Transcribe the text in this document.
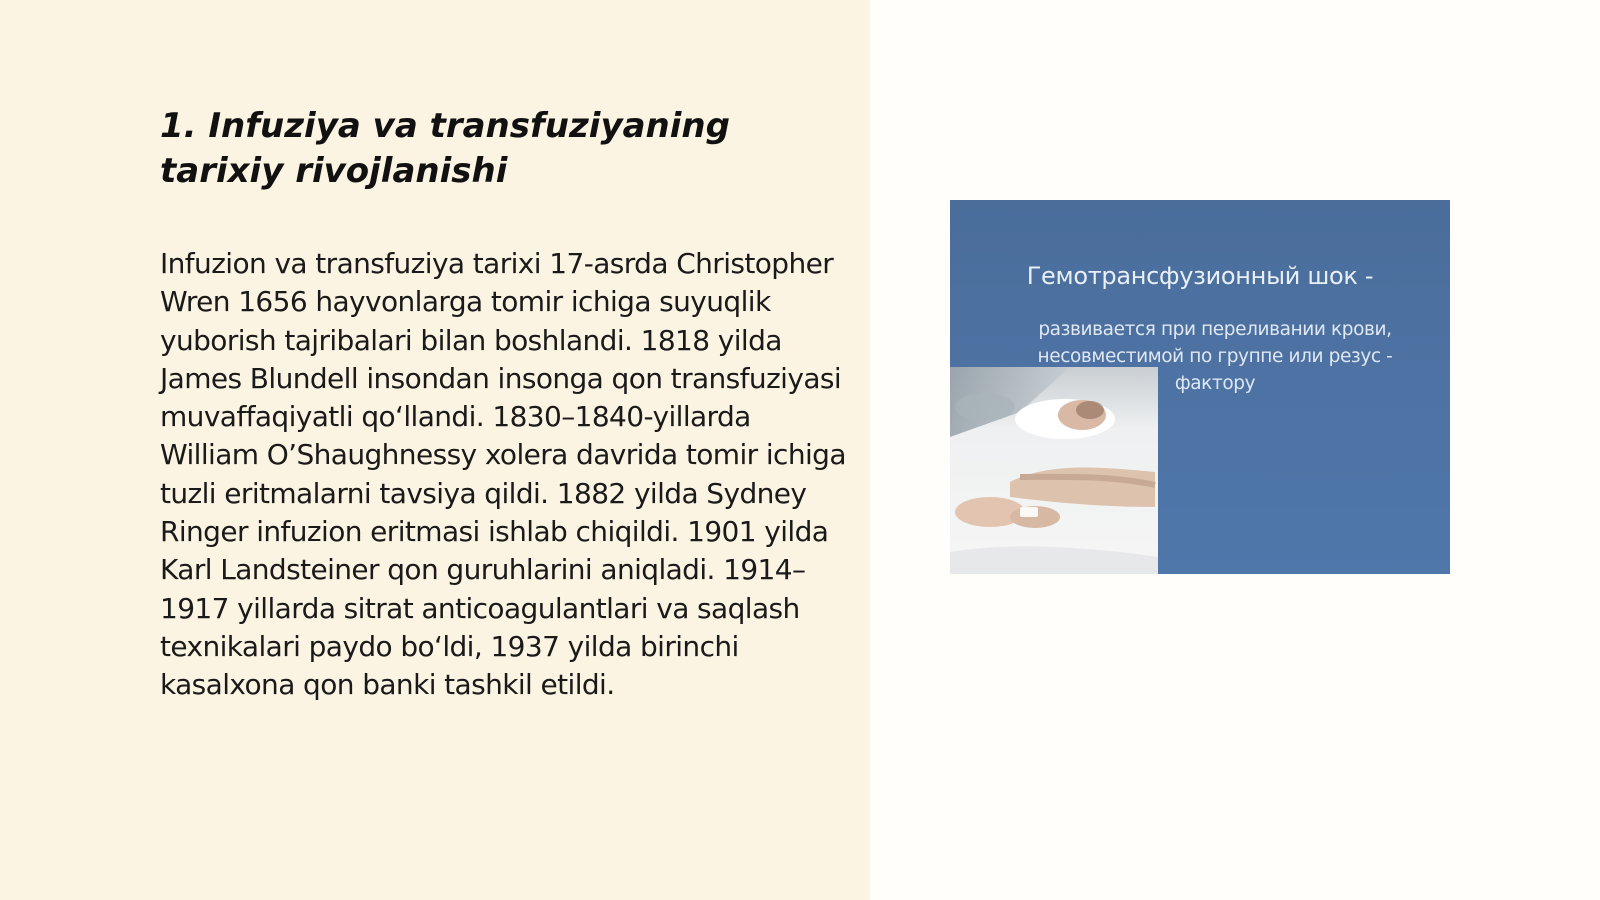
1. Infuziya va transfuziyaning tarixiy rivojlanishi

Infuzion va transfuziya tarixi 17-asrda Christopher Wren 1656 hayvonlarga tomir ichiga suyuqlik yuborish tajribalari bilan boshlandi. 1818 yilda James Blundell insondan insonga qon transfuziyasi muvaffaqiyatli qo‘llandi. 1830–1840-yillarda William O’Shaughnessy xolera davrida tomir ichiga tuzli eritmalarni tavsiya qildi. 1882 yilda Sydney Ringer infuzion eritmasi ishlab chiqildi. 1901 yilda Karl Landsteiner qon guruhlarini aniqladi. 1914–1917 yillarda sitrat anticoagulantlari va saqlash texnikalari paydo bo‘ldi, 1937 yilda birinchi kasalxona qon banki tashkil etildi.

Гемотрансфузионный шок -
развивается при переливании крови, несовместимой по группе или резус - фактору
